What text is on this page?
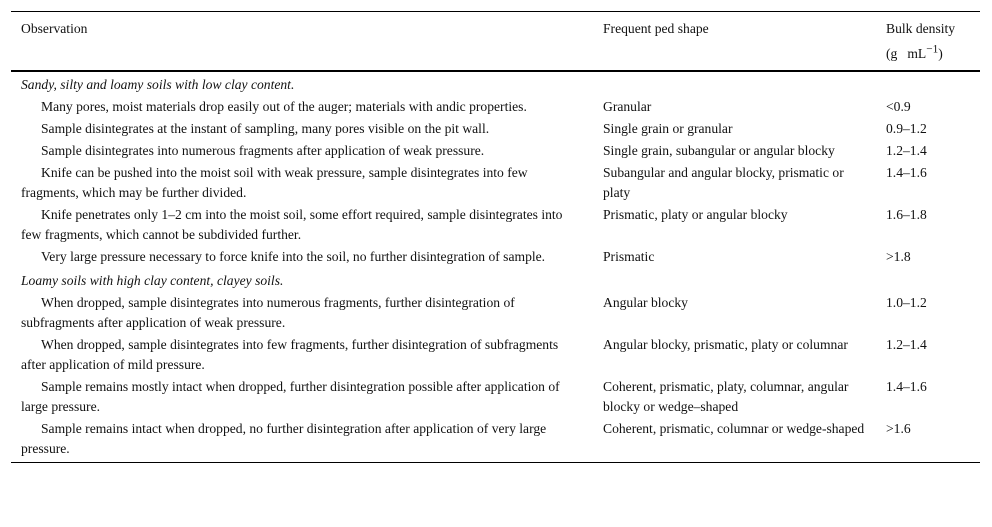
Observation	Frequent ped shape	Bulk density
(g $mL^{-1}$)
Sandy, silty and loamy soils with low clay content.		
Many pores, moist materials drop easily out of the auger; materials with andic properties.	Granular	<0.9
Sample disintegrates at the instant of sampling, many pores visible on the pit wall.	Single grain or granular	0.9–1.2
Sample disintegrates into numerous fragments after application of weak pressure.	Single grain, subangular or angular blocky	1.2–1.4
Knife can be pushed into the moist soil with weak pressure, sample disintegrates into few fragments, which may be further divided.	Subangular and angular blocky, prismatic or platy	1.4–1.6
Knife penetrates only 1–2 cm into the moist soil, some effort required, sample disintegrates into few fragments, which cannot be subdivided further.	Prismatic, platy or angular blocky	1.6–1.8
Very large pressure necessary to force knife into the soil, no further disintegration of sample.	Prismatic	>1.8
Loamy soils with high clay content, clayey soils.		
When dropped, sample disintegrates into numerous fragments, further disintegration of subfragments after application of weak pressure.	Angular blocky	1.0–1.2
When dropped, sample disintegrates into few fragments, further disintegration of subfragments after application of mild pressure.	Angular blocky, prismatic, platy or columnar	1.2–1.4
Sample remains mostly intact when dropped, further disintegration possible after application of large pressure.	Coherent, prismatic, platy, columnar, angular blocky or wedge–shaped	1.4–1.6
Sample remains intact when dropped, no further disintegration after application of very large pressure.	Coherent, prismatic, columnar or wedge-shaped	>1.6
